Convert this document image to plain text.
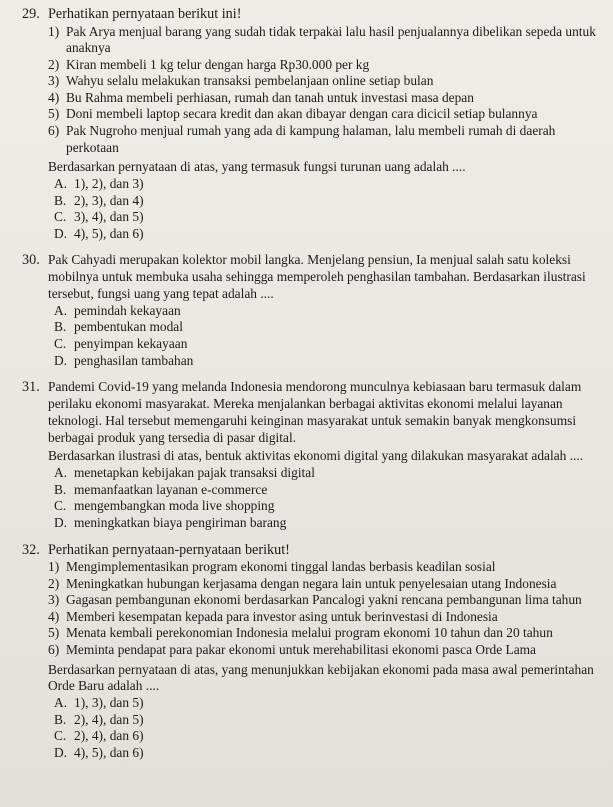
29. Perhatikan pernyataan berikut ini!
1) Pak Arya menjual barang yang sudah tidak terpakai lalu hasil penjualannya dibelikan sepeda untuk anaknya
2) Kiran membeli 1 kg telur dengan harga Rp30.000 per kg
3) Wahyu selalu melakukan transaksi pembelanjaan online setiap bulan
4) Bu Rahma membeli perhiasan, rumah dan tanah untuk investasi masa depan
5) Doni membeli laptop secara kredit dan akan dibayar dengan cara dicicil setiap bulannya
6) Pak Nugroho menjual rumah yang ada di kampung halaman, lalu membeli rumah di daerah perkotaan
Berdasarkan pernyataan di atas, yang termasuk fungsi turunan uang adalah ....
A. 1), 2), dan 3)
B. 2), 3), dan 4)
C. 3), 4), dan 5)
D. 4), 5), dan 6)
30. Pak Cahyadi merupakan kolektor mobil langka. Menjelang pensiun, Ia menjual salah satu koleksi mobilnya untuk membuka usaha sehingga memperoleh penghasilan tambahan. Berdasarkan ilustrasi tersebut, fungsi uang yang tepat adalah ....
A. pemindah kekayaan
B. pembentukan modal
C. penyimpan kekayaan
D. penghasilan tambahan
31. Pandemi Covid-19 yang melanda Indonesia mendorong munculnya kebiasaan baru termasuk dalam perilaku ekonomi masyarakat. Mereka menjalankan berbagai aktivitas ekonomi melalui layanan teknologi. Hal tersebut memengaruhi keinginan masyarakat untuk semakin banyak mengkonsumsi berbagai produk yang tersedia di pasar digital.
Berdasarkan ilustrasi di atas, bentuk aktivitas ekonomi digital yang dilakukan masyarakat adalah ....
A. menetapkan kebijakan pajak transaksi digital
B. memanfaatkan layanan e-commerce
C. mengembangkan moda live shopping
D. meningkatkan biaya pengiriman barang
32. Perhatikan pernyataan-pernyataan berikut!
1) Mengimplementasikan program ekonomi tinggal landas berbasis keadilan sosial
2) Meningkatkan hubungan kerjasama dengan negara lain untuk penyelesaian utang Indonesia
3) Gagasan pembangunan ekonomi berdasarkan Pancalogi yakni rencana pembangunan lima tahun
4) Memberi kesempatan kepada para investor asing untuk berinvestasi di Indonesia
5) Menata kembali perekonomian Indonesia melalui program ekonomi 10 tahun dan 20 tahun
6) Meminta pendapat para pakar ekonomi untuk merehabilitasi ekonomi pasca Orde Lama
Berdasarkan pernyataan di atas, yang menunjukkan kebijakan ekonomi pada masa awal pemerintahan Orde Baru adalah ....
A. 1), 3), dan 5)
B. 2), 4), dan 5)
C. 2), 4), dan 6)
D. 4), 5), dan 6)
